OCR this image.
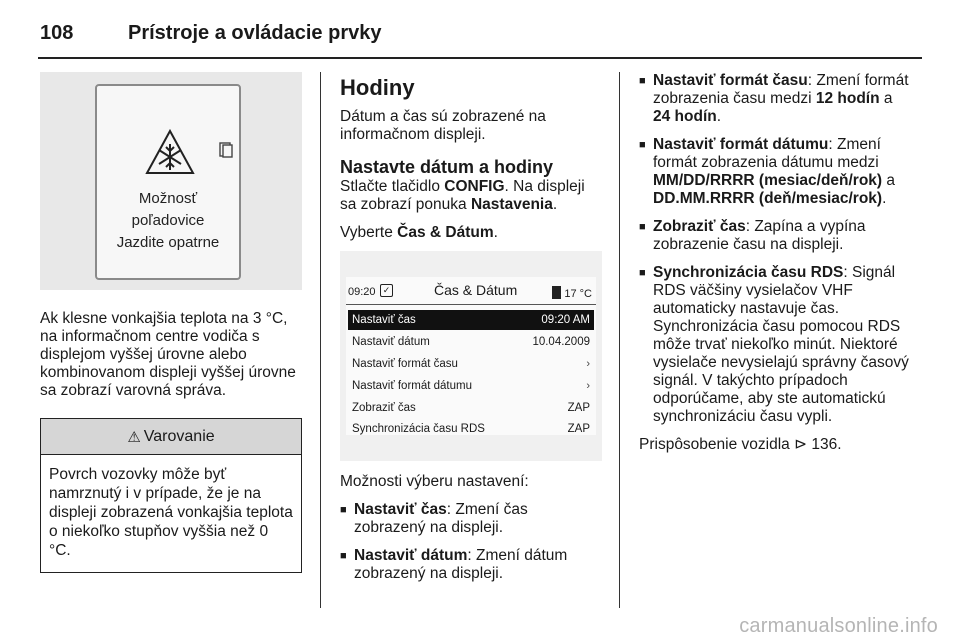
108	Prístroje a ovládacie prvky
Možnosť
poľadovice
Jazdite opatrne

Ak klesne vonkajšia teplota na 3 °C, na informačnom centre vodiča s displejom vyššej úrovne alebo kombinovanom displeji vyššej úrovne sa zobrazí varovná správa.

⚠ Varovanie
Povrch vozovky môže byť namrznutý i v prípade, že je na displeji zobrazená vonkajšia teplota o niekoľko stupňov vyššia než 0 °C.
Hodiny

Dátum a čas sú zobrazené na informačnom displeji.

Nastavte dátum a hodiny

Stlačte tlačidlo CONFIG. Na displeji sa zobrazí ponuka Nastavenia.

Vyberte Čas & Dátum.

09:20 ✓	Čas & Dátum	17 °C
Nastaviť čas	09:20 AM
Nastaviť dátum	10.04.2009
Nastaviť formát času	›
Nastaviť formát dátumu	›
Zobraziť čas	ZAP
Synchronizácia času RDS	ZAP

Možnosti výberu nastavení:

■ Nastaviť čas: Zmení čas zobrazený na displeji.
■ Nastaviť dátum: Zmení dátum zobrazený na displeji.
■ Nastaviť formát času: Zmení formát zobrazenia času medzi 12 hodín a 24 hodín.
■ Nastaviť formát dátumu: Zmení formát zobrazenia dátumu medzi MM/DD/RRRR (mesiac/deň/rok) a DD.MM.RRRR (deň/mesiac/rok).
■ Zobraziť čas: Zapína a vypína zobrazenie času na displeji.
■ Synchronizácia času RDS: Signál RDS väčšiny vysielačov VHF automaticky nastavuje čas. Synchronizácia času pomocou RDS môže trvať niekoľko minút. Niektoré vysielače nevysielajú správny časový signál. V takýchto prípadoch odporúčame, aby ste automatickú synchronizáciu času vypli.

Prispôsobenie vozidla ⊳ 136.

carmanualsonline.info
